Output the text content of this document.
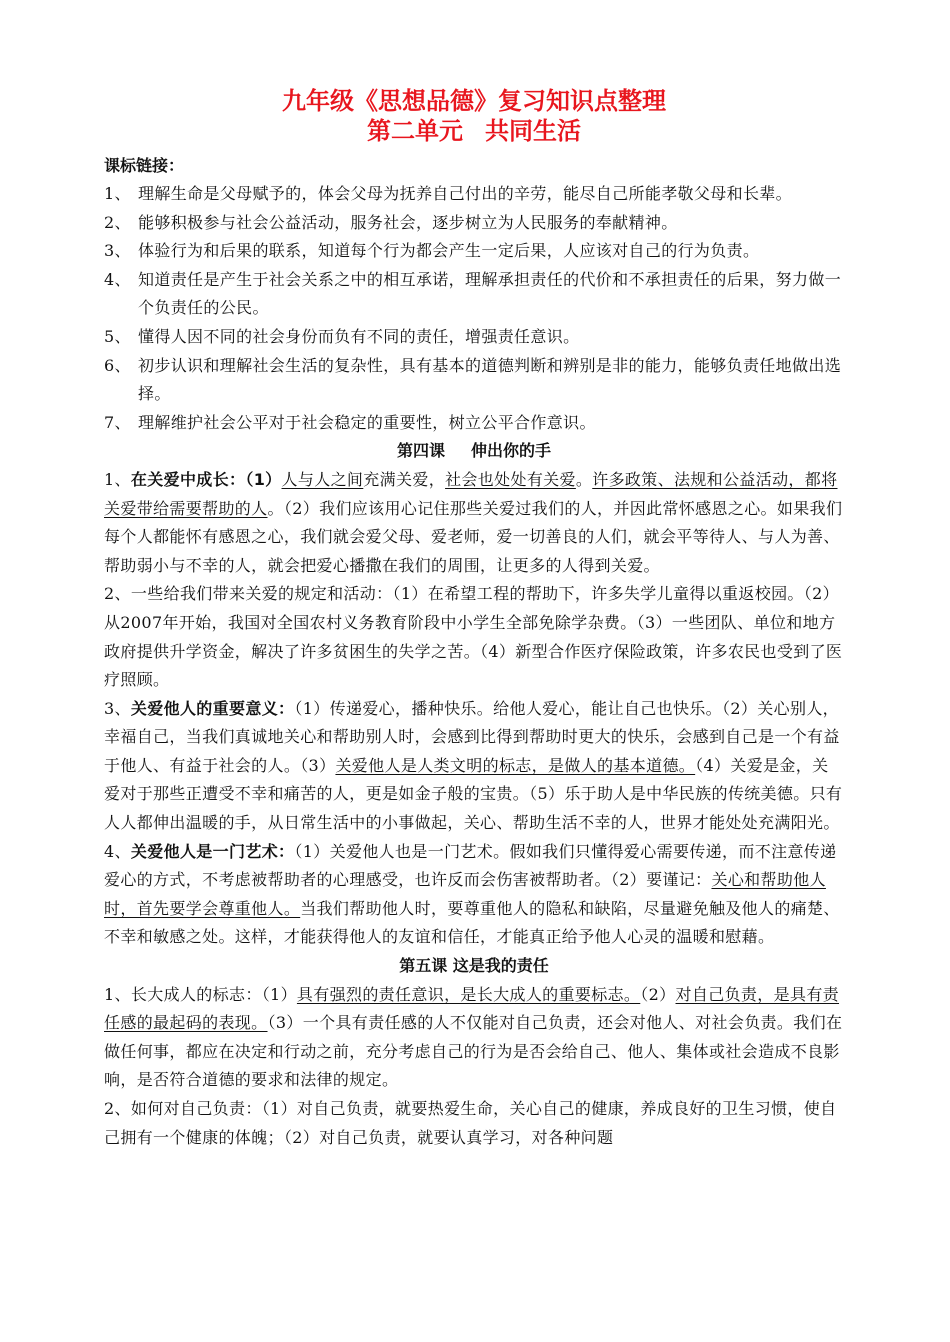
九年级《思想品德》复习知识点整理
第二单元 共同生活
课标链接：
1、 理解生命是父母赋予的，体会父母为抚养自己付出的辛劳，能尽自己所能孝敬父母和长辈。
2、 能够积极参与社会公益活动，服务社会，逐步树立为人民服务的奉献精神。
3、 体验行为和后果的联系，知道每个行为都会产生一定后果，人应该对自己的行为负责。
4、 知道责任是产生于社会关系之中的相互承诺，理解承担责任的代价和不承担责任的后果，努力做一个负责任的公民。
5、 懂得人因不同的社会身份而负有不同的责任，增强责任意识。
6、 初步认识和理解社会生活的复杂性，具有基本的道德判断和辨别是非的能力，能够负责任地做出选择。
7、 理解维护社会公平对于社会稳定的重要性，树立公平合作意识。
第四课 伸出你的手

1、在关爱中成长：（1）人与人之间充满关爱，社会也处处有关爱。许多政策、法规和公益活动，都将关爱带给需要帮助的人。（2）我们应该用心记住那些关爱过我们的人，并因此常怀感恩之心。如果我们每个人都能怀有感恩之心，我们就会爱父母、爱老师，爱一切善良的人们，就会平等待人、与人为善、帮助弱小与不幸的人，就会把爱心播撒在我们的周围，让更多的人得到关爱。

2、一些给我们带来关爱的规定和活动：（1）在希望工程的帮助下，许多失学儿童得以重返校园。（2）从2007年开始，我国对全国农村义务教育阶段中小学生全部免除学杂费。（3）一些团队、单位和地方政府提供升学资金，解决了许多贫困生的失学之苦。（4）新型合作医疗保险政策，许多农民也受到了医疗照顾。

3、关爱他人的重要意义：（1）传递爱心，播种快乐。给他人爱心，能让自己也快乐。（2）关心别人，幸福自己，当我们真诚地关心和帮助别人时，会感到比得到帮助时更大的快乐，会感到自己是一个有益于他人、有益于社会的人。（3）关爱他人是人类文明的标志，是做人的基本道德。（4）关爱是金，关爱对于那些正遭受不幸和痛苦的人，更是如金子般的宝贵。（5）乐于助人是中华民族的传统美德。只有人人都伸出温暖的手，从日常生活中的小事做起，关心、帮助生活不幸的人，世界才能处处充满阳光。

4、关爱他人是一门艺术：（1）关爱他人也是一门艺术。假如我们只懂得爱心需要传递，而不注意传递爱心的方式，不考虑被帮助者的心理感受，也许反而会伤害被帮助者。（2）要谨记：关心和帮助他人时，首先要学会尊重他人。当我们帮助他人时，要尊重他人的隐私和缺陷，尽量避免触及他人的痛楚、不幸和敏感之处。这样，才能获得他人的友谊和信任，才能真正给予他人心灵的温暖和慰藉。

第五课 这是我的责任

1、长大成人的标志：（1）具有强烈的责任意识，是长大成人的重要标志。（2）对自己负责，是具有责任感的最起码的表现。（3）一个具有责任感的人不仅能对自己负责，还会对他人、对社会负责。我们在做任何事，都应在决定和行动之前，充分考虑自己的行为是否会给自己、他人、集体或社会造成不良影响，是否符合道德的要求和法律的规定。

2、如何对自己负责：（1）对自己负责，就要热爱生命，关心自己的健康，养成良好的卫生习惯，使自己拥有一个健康的体魄；（2）对自己负责，就要认真学习，对各种问题
